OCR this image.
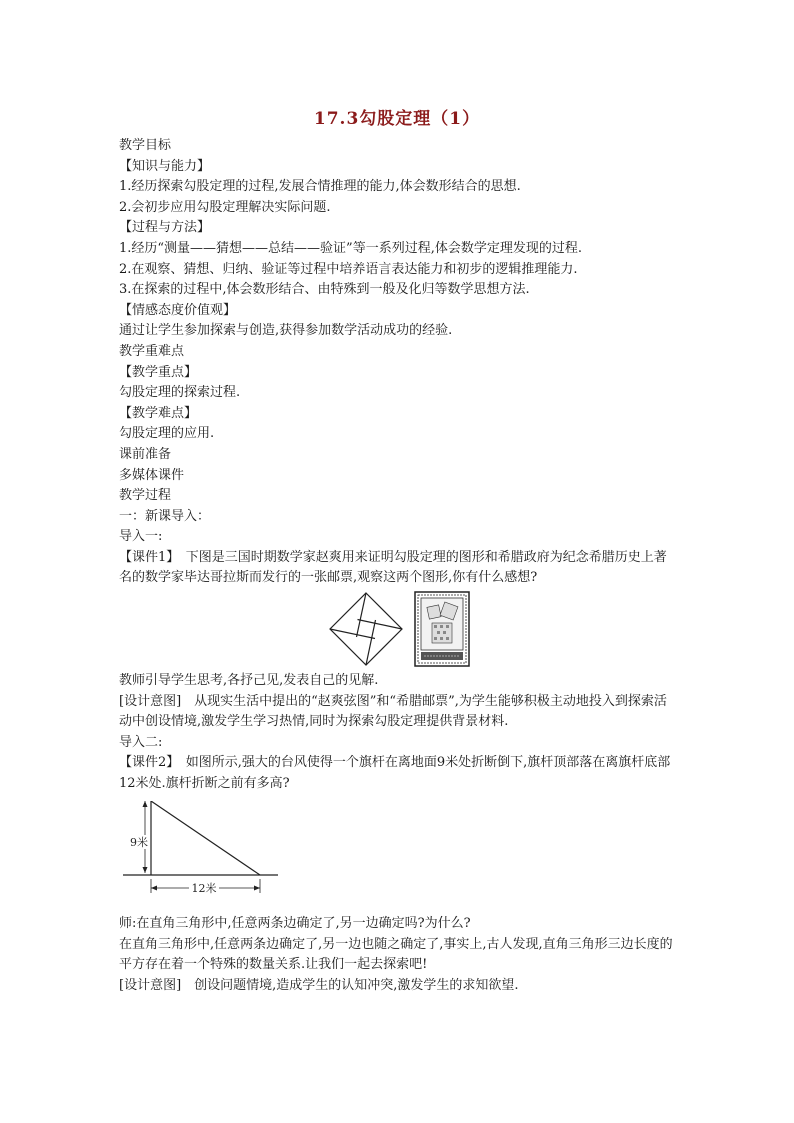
17.3勾股定理（1）
教学目标
【知识与能力】
1.经历探索勾股定理的过程,发展合情推理的能力,体会数形结合的思想.
2.会初步应用勾股定理解决实际问题.
【过程与方法】
1.经历“测量——猜想——总结——验证”等一系列过程,体会数学定理发现的过程.
2.在观察、猜想、归纳、验证等过程中培养语言表达能力和初步的逻辑推理能力.
3.在探索的过程中,体会数形结合、由特殊到一般及化归等数学思想方法.
【情感态度价值观】
通过让学生参加探索与创造,获得参加数学活动成功的经验.
教学重难点
【教学重点】
勾股定理的探索过程.
【教学难点】
勾股定理的应用.
课前准备
多媒体课件
教学过程
一：新课导入：
导入一:
【课件1】　下图是三国时期数学家赵爽用来证明勾股定理的图形和希腊政府为纪念希腊历史上著名的数学家毕达哥拉斯而发行的一张邮票,观察这两个图形,你有什么感想?
教师引导学生思考,各抒己见,发表自己的见解.
[设计意图]　从现实生活中提出的“赵爽弦图”和“希腊邮票”,为学生能够积极主动地投入到探索活动中创设情境,激发学生学习热情,同时为探索勾股定理提供背景材料.
导入二:
【课件2】　如图所示,强大的台风使得一个旗杆在离地面9米处折断倒下,旗杆顶部落在离旗杆底部12米处.旗杆折断之前有多高?
9米
12米
师:在直角三角形中,任意两条边确定了,另一边确定吗?为什么?
在直角三角形中,任意两条边确定了,另一边也随之确定了,事实上,古人发现,直角三角形三边长度的平方存在着一个特殊的数量关系.让我们一起去探索吧!
[设计意图]　创设问题情境,造成学生的认知冲突,激发学生的求知欲望.
